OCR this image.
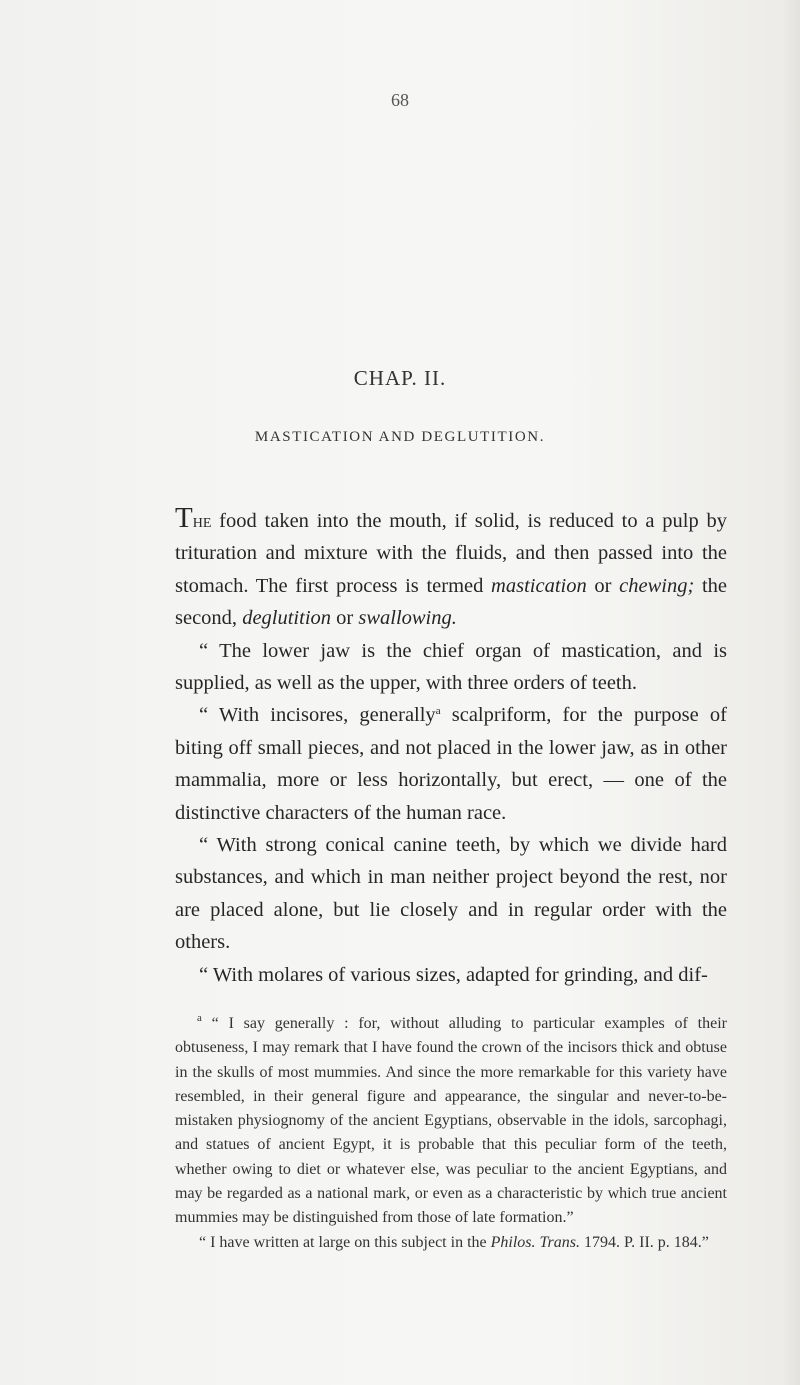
68
CHAP. II.
MASTICATION AND DEGLUTITION.

The food taken into the mouth, if solid, is reduced to a pulp by trituration and mixture with the fluids, and then passed into the stomach. The first process is termed mastication or chewing; the second, deglutition or swallowing.

“ The lower jaw is the chief organ of mastication, and is supplied, as well as the upper, with three orders of teeth.

“ With incisores, generally$^a$ scalpriform, for the purpose of biting off small pieces, and not placed in the lower jaw, as in other mammalia, more or less horizontally, but erect, — one of the distinctive characters of the human race.

“ With strong conical canine teeth, by which we divide hard substances, and which in man neither project beyond the rest, nor are placed alone, but lie closely and in regular order with the others.

“ With molares of various sizes, adapted for grinding, and dif-

$^a$ “ I say generally : for, without alluding to particular examples of their obtuseness, I may remark that I have found the crown of the incisors thick and obtuse in the skulls of most mummies. And since the more remarkable for this variety have resembled, in their general figure and appearance, the singular and never-to-be-mistaken physiognomy of the ancient Egyptians, observable in the idols, sarcophagi, and statues of ancient Egypt, it is probable that this peculiar form of the teeth, whether owing to diet or whatever else, was peculiar to the ancient Egyptians, and may be regarded as a national mark, or even as a characteristic by which true ancient mummies may be distinguished from those of late formation.”

“ I have written at large on this subject in the Philos. Trans. 1794. P. II. p. 184.”
